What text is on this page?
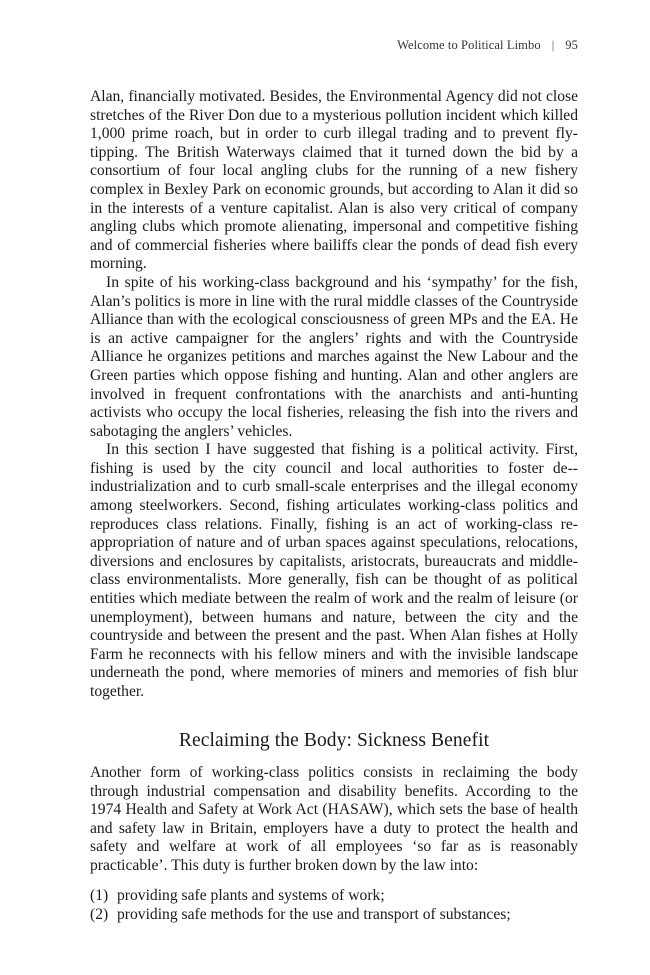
Welcome to Political Limbo | 95

Alan, financially motivated. Besides, the Environmental Agency did not close stretches of the River Don due to a mysterious pollution incident which killed 1,000 prime roach, but in order to curb illegal trading and to prevent fly-tipping. The British Waterways claimed that it turned down the bid by a consortium of four local angling clubs for the running of a new fishery complex in Bexley Park on economic grounds, but according to Alan it did so in the interests of a venture capitalist. Alan is also very critical of company angling clubs which promote alienating, impersonal and competitive fishing and of commercial fisheries where bailiffs clear the ponds of dead fish every morning.

In spite of his working-class background and his ‘sympathy’ for the fish, Alan’s politics is more in line with the rural middle classes of the Countryside Alliance than with the ecological consciousness of green MPs and the EA. He is an active campaigner for the anglers’ rights and with the Countryside Alliance he organizes petitions and marches against the New Labour and the Green parties which oppose fishing and hunting. Alan and other anglers are involved in frequent confrontations with the anarchists and anti-hunting activists who occupy the local fisheries, releasing the fish into the rivers and sabotaging the anglers’ vehicles.

In this section I have suggested that fishing is a political activity. First, fishing is used by the city council and local authorities to foster de-industrialization and to curb small-scale enterprises and the illegal economy among steelworkers. Second, fishing articulates working-class politics and reproduces class relations. Finally, fishing is an act of working-class re-appropriation of nature and of urban spaces against speculations, relocations, diversions and enclosures by capitalists, aristocrats, bureaucrats and middle-class environmentalists. More generally, fish can be thought of as political entities which mediate between the realm of work and the realm of leisure (or unemployment), between humans and nature, between the city and the countryside and between the present and the past. When Alan fishes at Holly Farm he reconnects with his fellow miners and with the invisible landscape underneath the pond, where memories of miners and memories of fish blur together.

Reclaiming the Body: Sickness Benefit

Another form of working-class politics consists in reclaiming the body through industrial compensation and disability benefits. According to the 1974 Health and Safety at Work Act (HASAW), which sets the base of health and safety law in Britain, employers have a duty to protect the health and safety and welfare at work of all employees ‘so far as is reasonably practicable’. This duty is further broken down by the law into:

(1) providing safe plants and systems of work;
(2) providing safe methods for the use and transport of substances;
